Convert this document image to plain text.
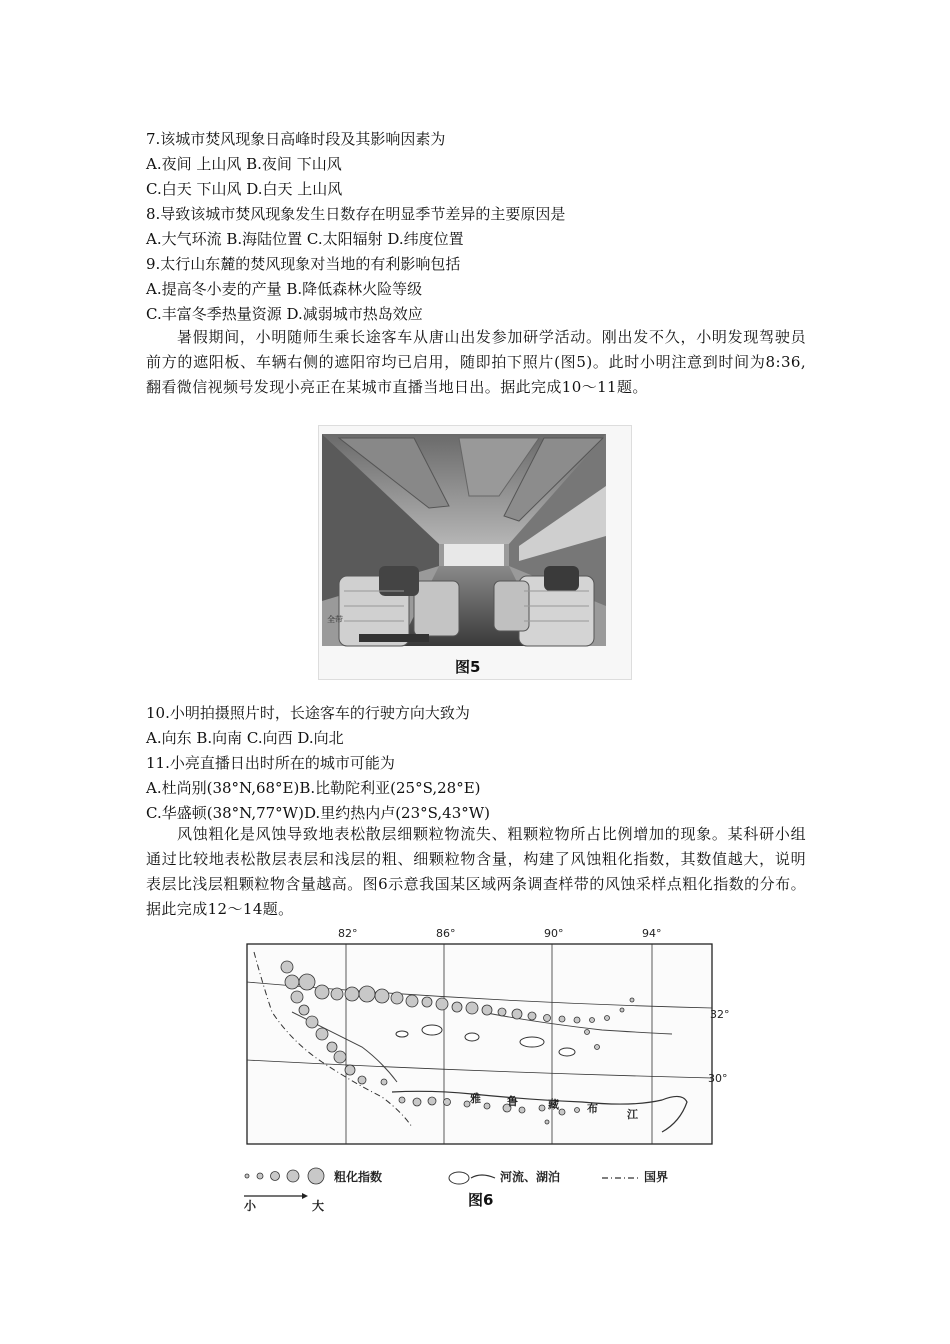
7.该城市焚风现象日高峰时段及其影响因素为
A.夜间 上山风 B.夜间 下山风
C.白天 下山风 D.白天 上山风
8.导致该城市焚风现象发生日数存在明显季节差异的主要原因是
A.大气环流 B.海陆位置 C.太阳辐射 D.纬度位置
9.太行山东麓的焚风现象对当地的有利影响包括
A.提高冬小麦的产量 B.降低森林火险等级
C.丰富冬季热量资源 D.减弱城市热岛效应
暑假期间，小明随师生乘长途客车从唐山出发参加研学活动。刚出发不久，小明发现驾驶员前方的遮阳板、车辆右侧的遮阳帘均已启用，随即拍下照片(图5)。此时小明注意到时间为8:36,翻看微信视频号发现小亮正在某城市直播当地日出。据此完成10～11题。
全带
图5
10.小明拍摄照片时，长途客车的行驶方向大致为
A.向东 B.向南 C.向西 D.向北
11.小亮直播日出时所在的城市可能为
A.杜尚别(38°N,68°E)B.比勒陀利亚(25°S,28°E)
C.华盛顿(38°N,77°W)D.里约热内卢(23°S,43°W)
风蚀粗化是风蚀导致地表松散层细颗粒物流失、粗颗粒物所占比例增加的现象。某科研小组通过比较地表松散层表层和浅层的粗、细颗粒物含量，构建了风蚀粗化指数，其数值越大，说明表层比浅层粗颗粒物含量越高。图6示意我国某区域两条调查样带的风蚀采样点粗化指数的分布。据此完成12～14题。
82°	86°	90°	94°
32°
30°
雅 鲁	藏	布	江
粗化指数
小	大
河流、湖泊	国界
图6
